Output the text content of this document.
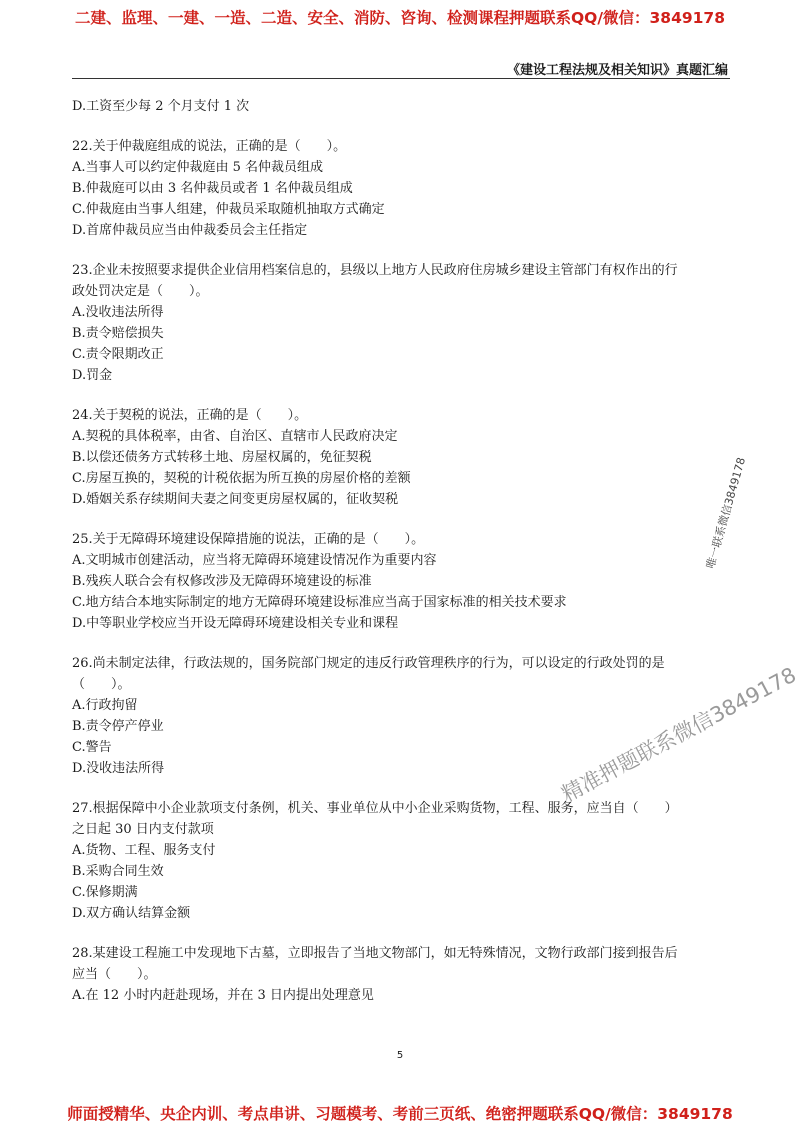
二建、监理、一建、一造、二造、安全、消防、咨询、检测课程押题联系QQ/微信：3849178
《建设工程法规及相关知识》真题汇编
D.工资至少每 2 个月支付 1 次
22.关于仲裁庭组成的说法，正确的是（　　）。
A.当事人可以约定仲裁庭由 5 名仲裁员组成
B.仲裁庭可以由 3 名仲裁员或者 1 名仲裁员组成
C.仲裁庭由当事人组建，仲裁员采取随机抽取方式确定
D.首席仲裁员应当由仲裁委员会主任指定
23.企业未按照要求提供企业信用档案信息的，县级以上地方人民政府住房城乡建设主管部门有权作出的行
政处罚决定是（　　）。
A.没收违法所得
B.责令赔偿损失
C.责令限期改正
D.罚金
24.关于契税的说法，正确的是（　　）。
A.契税的具体税率，由省、自治区、直辖市人民政府决定
B.以偿还债务方式转移土地、房屋权属的，免征契税
C.房屋互换的，契税的计税依据为所互换的房屋价格的差额
D.婚姻关系存续期间夫妻之间变更房屋权属的，征收契税
25.关于无障碍环境建设保障措施的说法，正确的是（　　）。
A.文明城市创建活动，应当将无障碍环境建设情况作为重要内容
B.残疾人联合会有权修改涉及无障碍环境建设的标准
C.地方结合本地实际制定的地方无障碍环境建设标准应当高于国家标准的相关技术要求
D.中等职业学校应当开设无障碍环境建设相关专业和课程
26.尚未制定法律，行政法规的，国务院部门规定的违反行政管理秩序的行为，可以设定的行政处罚的是
（　　）。
A.行政拘留
B.责令停产停业
C.警告
D.没收违法所得
27.根据保障中小企业款项支付条例，机关、事业单位从中小企业采购货物，工程、服务，应当自（　　）
之日起 30 日内支付款项
A.货物、工程、服务支付
B.采购合同生效
C.保修期满
D.双方确认结算金额
28.某建设工程施工中发现地下古墓，立即报告了当地文物部门，如无特殊情况，文物行政部门接到报告后
应当（　　）。
A.在 12 小时内赶赴现场，并在 3 日内提出处理意见
唯一联系微信3849178
精准押题联系微信3849178
5
师面授精华、央企内训、考点串讲、习题模考、考前三页纸、绝密押题联系QQ/微信：3849178
